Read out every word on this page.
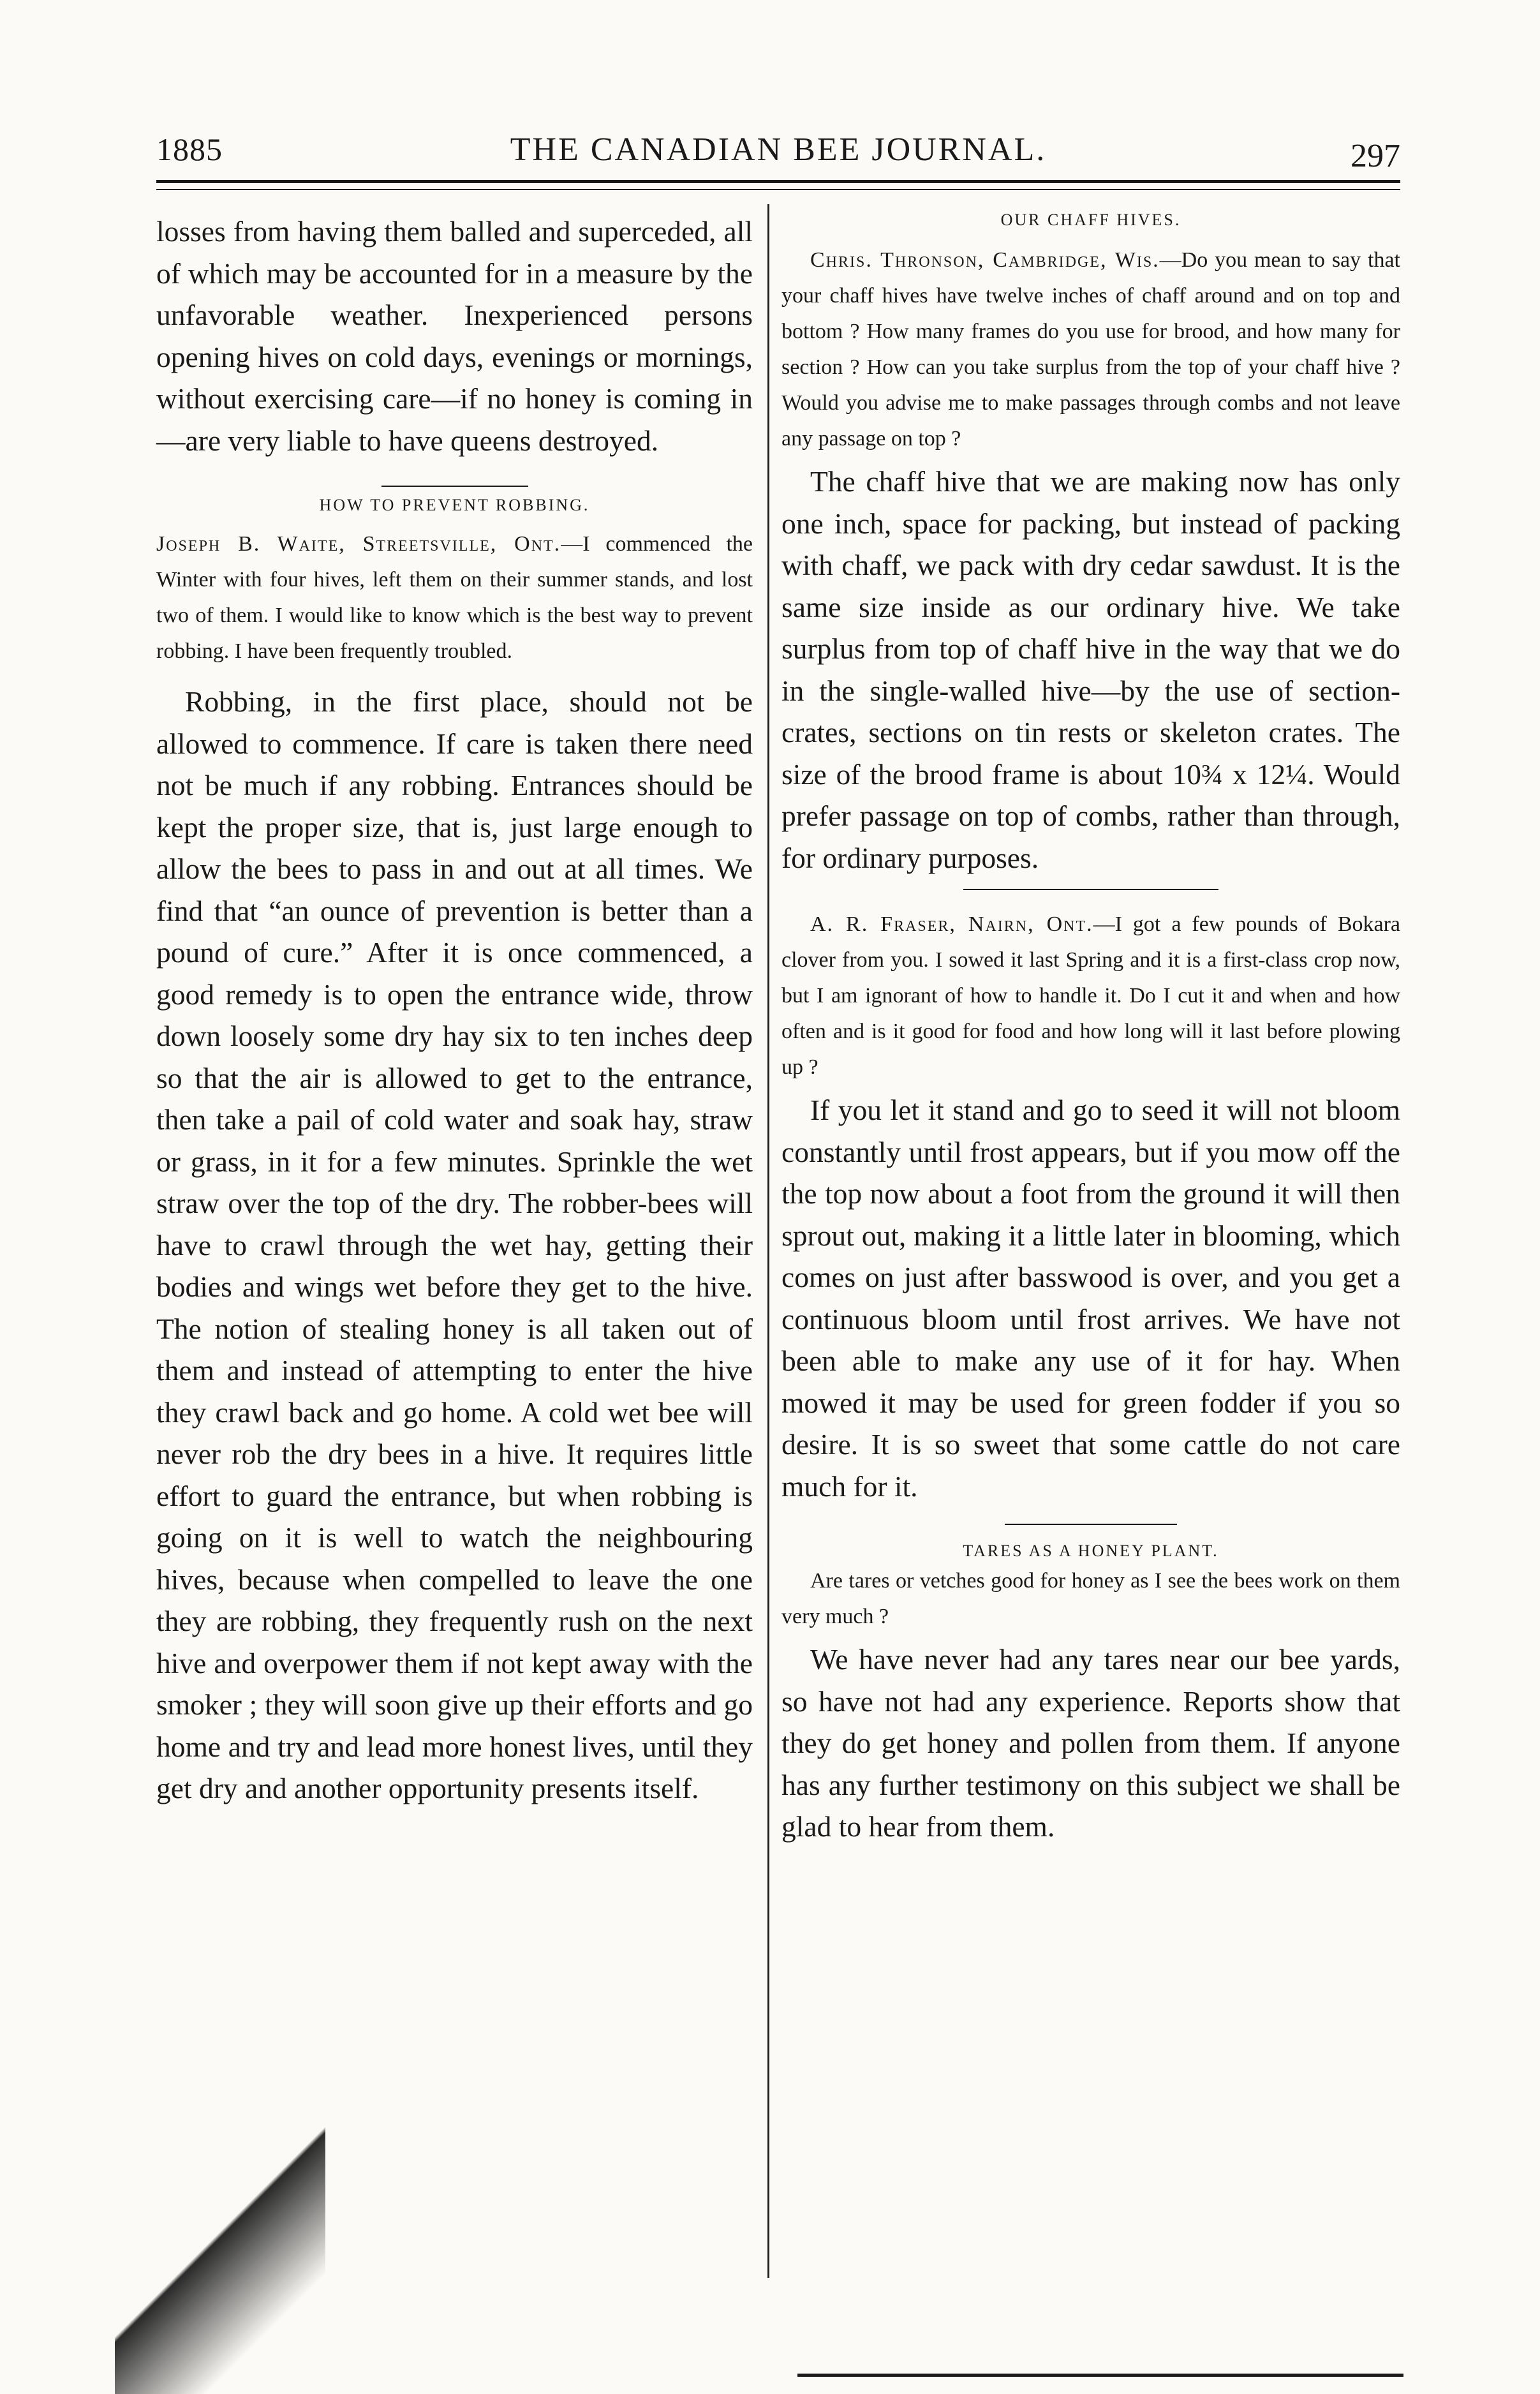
1885	THE CANADIAN BEE JOURNAL.	297

losses from having them balled and superceded, all of which may be accounted for in a measure by the unfavorable weather. Inexperienced persons opening hives on cold days, evenings or mornings, without exercising care—if no honey is coming in—are very liable to have queens destroyed.

HOW TO PREVENT ROBBING.

Joseph B. Waite, Streetsville, Ont.—I commenced the Winter with four hives, left them on their summer stands, and lost two of them. I would like to know which is the best way to prevent robbing. I have been frequently troubled.

Robbing, in the first place, should not be allowed to commence. If care is taken there need not be much if any robbing. Entrances should be kept the proper size, that is, just large enough to allow the bees to pass in and out at all times. We find that “an ounce of prevention is better than a pound of cure.” After it is once commenced, a good remedy is to open the entrance wide, throw down loosely some dry hay six to ten inches deep so that the air is allowed to get to the entrance, then take a pail of cold water and soak hay, straw or grass, in it for a few minutes. Sprinkle the wet straw over the top of the dry. The robber-bees will have to crawl through the wet hay, getting their bodies and wings wet before they get to the hive. The notion of stealing honey is all taken out of them and instead of attempting to enter the hive they crawl back and go home. A cold wet bee will never rob the dry bees in a hive. It requires little effort to guard the entrance, but when robbing is going on it is well to watch the neighbouring hives, because when compelled to leave the one they are robbing, they frequently rush on the next hive and overpower them if not kept away with the smoker ; they will soon give up their efforts and go home and try and lead more honest lives, until they get dry and another opportunity presents itself.

OUR CHAFF HIVES.

Chris. Thronson, Cambridge, Wis.—Do you mean to say that your chaff hives have twelve inches of chaff around and on top and bottom ? How many frames do you use for brood, and how many for section ? How can you take surplus from the top of your chaff hive ? Would you advise me to make passages through combs and not leave any passage on top ?

The chaff hive that we are making now has only one inch, space for packing, but instead of packing with chaff, we pack with dry cedar sawdust. It is the same size inside as our ordinary hive. We take surplus from top of chaff hive in the way that we do in the single-walled hive—by the use of section-crates, sections on tin rests or skeleton crates. The size of the brood frame is about 10¾ x 12¼. Would prefer passage on top of combs, rather than through, for ordinary purposes.

A. R. Fraser, Nairn, Ont.—I got a few pounds of Bokara clover from you. I sowed it last Spring and it is a first-class crop now, but I am ignorant of how to handle it. Do I cut it and when and how often and is it good for food and how long will it last before plowing up ?

If you let it stand and go to seed it will not bloom constantly until frost appears, but if you mow off the the top now about a foot from the ground it will then sprout out, making it a little later in blooming, which comes on just after basswood is over, and you get a continuous bloom until frost arrives. We have not been able to make any use of it for hay. When mowed it may be used for green fodder if you so desire. It is so sweet that some cattle do not care much for it.

TARES AS A HONEY PLANT.

Are tares or vetches good for honey as I see the bees work on them very much ?

We have never had any tares near our bee yards, so have not had any experience. Reports show that they do get honey and pollen from them. If anyone has any further testimony on this subject we shall be glad to hear from them.
